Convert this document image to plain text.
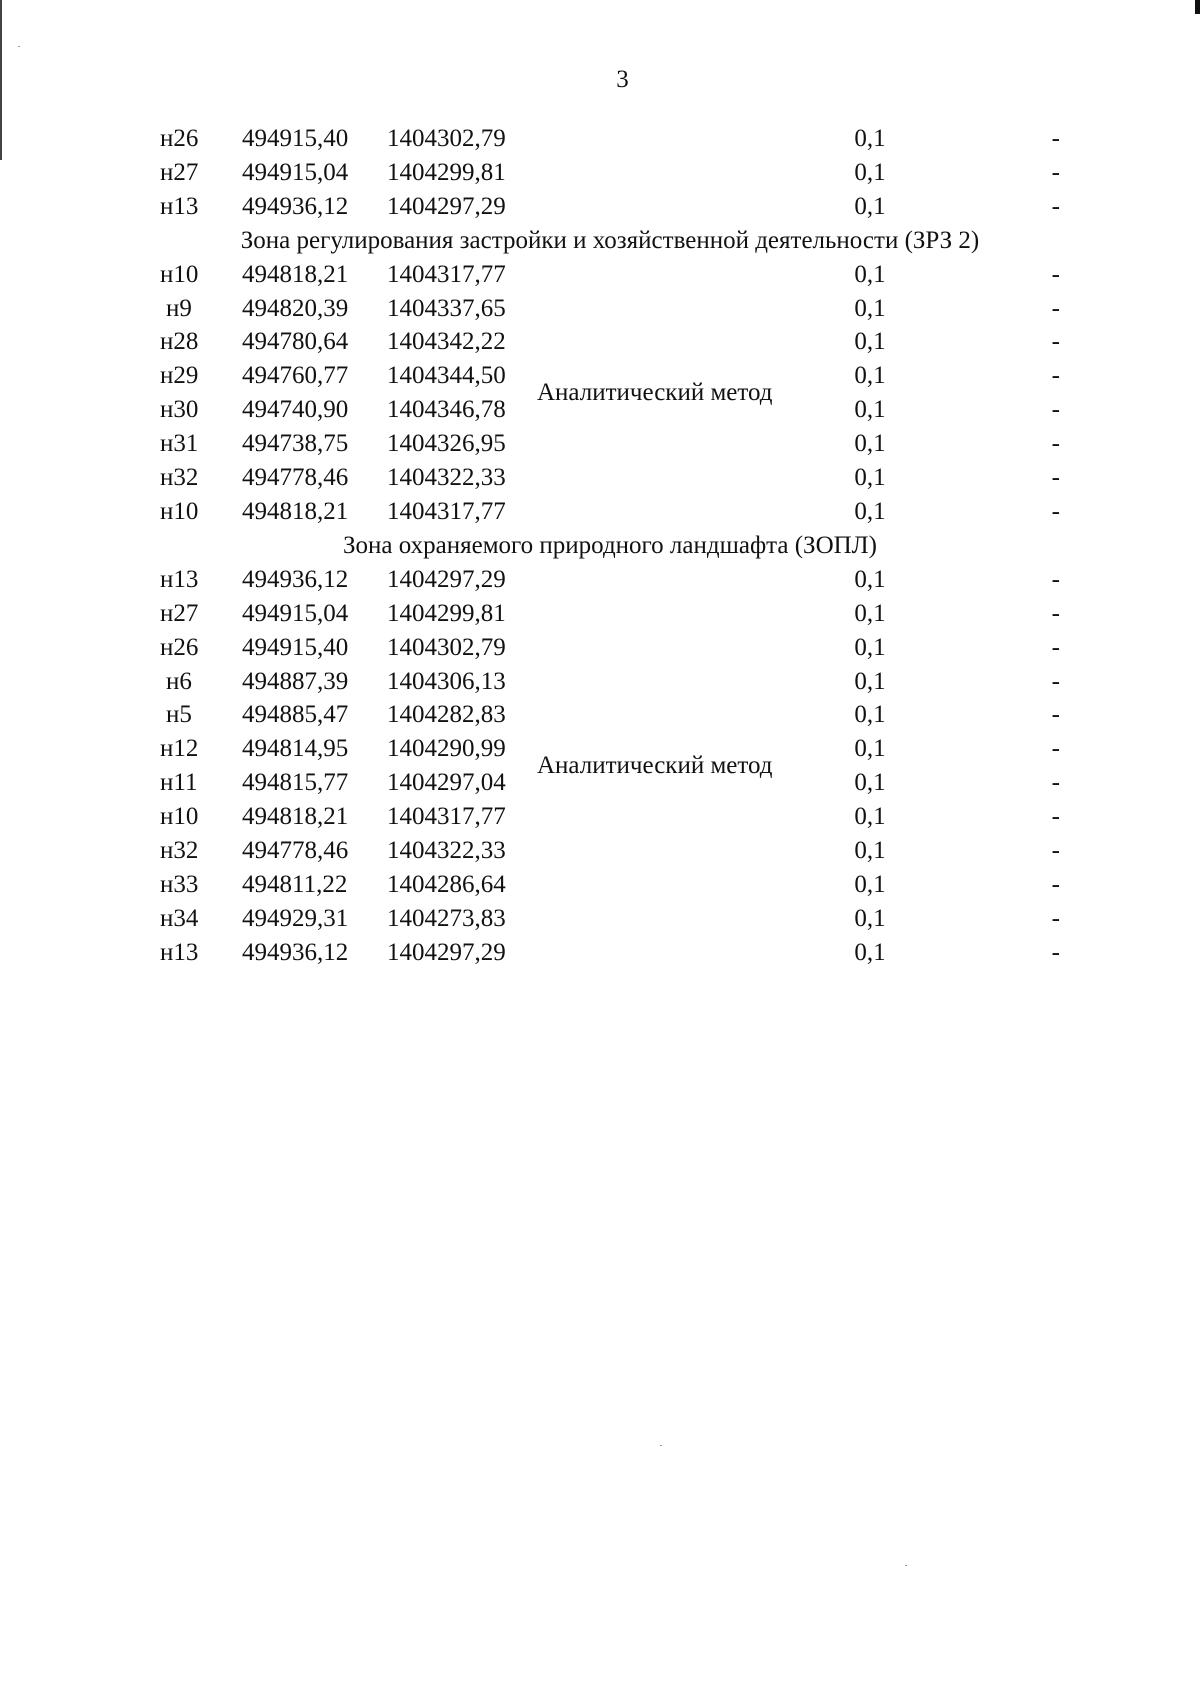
3
н26	494915,40	1404302,79		0,1	-
н27	494915,04	1404299,81		0,1	-
н13	494936,12	1404297,29		0,1	-
Зона регулирования застройки и хозяйственной деятельности (ЗРЗ 2)					
н10	494818,21	1404317,77	Аналитический метод	0,1	-
н9	494820,39	1404337,65		0,1	-
н28	494780,64	1404342,22		0,1	-
н29	494760,77	1404344,50		0,1	-
н30	494740,90	1404346,78		0,1	-
н31	494738,75	1404326,95		0,1	-
н32	494778,46	1404322,33		0,1	-
н10	494818,21	1404317,77		0,1	-
Зона охраняемого природного ландшафта (ЗОПЛ)					
н13	494936,12	1404297,29	Аналитический метод	0,1	-
н27	494915,04	1404299,81		0,1	-
н26	494915,40	1404302,79		0,1	-
н6	494887,39	1404306,13		0,1	-
н5	494885,47	1404282,83		0,1	-
н12	494814,95	1404290,99		0,1	-
н11	494815,77	1404297,04		0,1	-
н10	494818,21	1404317,77		0,1	-
н32	494778,46	1404322,33		0,1	-
н33	494811,22	1404286,64		0,1	-
н34	494929,31	1404273,83		0,1	-
н13	494936,12	1404297,29		0,1	-
